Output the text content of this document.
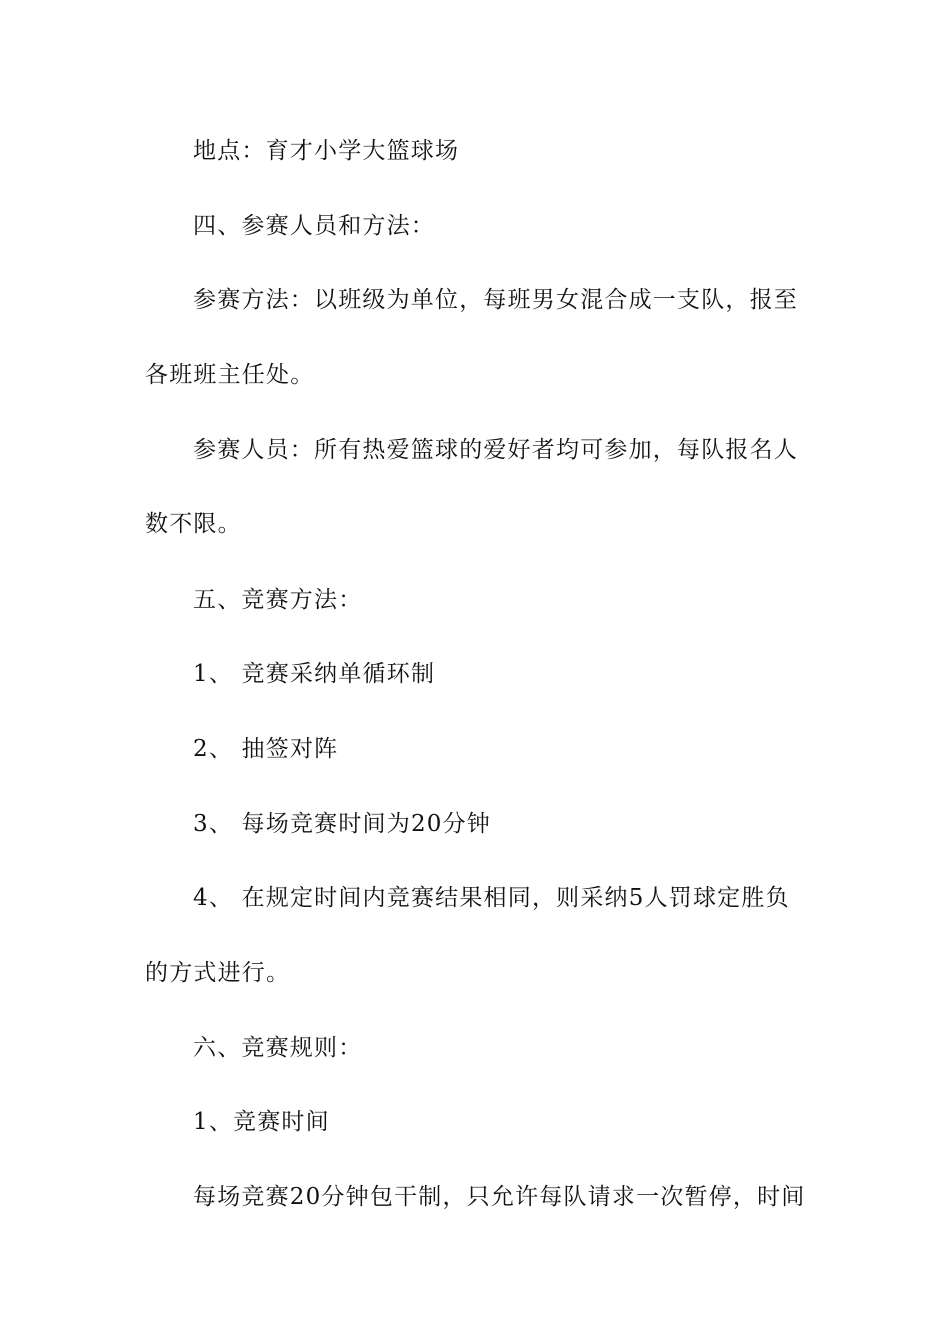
地点：育才小学大篮球场
四、参赛人员和方法：
参赛方法：以班级为单位，每班男女混合成一支队，报至
各班班主任处。
参赛人员：所有热爱篮球的爱好者均可参加，每队报名人
数不限。
五、竞赛方法：
1、 竞赛采纳单循环制
2、 抽签对阵
3、 每场竞赛时间为20分钟
4、 在规定时间内竞赛结果相同，则采纳5人罚球定胜负
的方式进行。
六、竞赛规则：
1、竞赛时间
每场竞赛20分钟包干制，只允许每队请求一次暂停，时间
